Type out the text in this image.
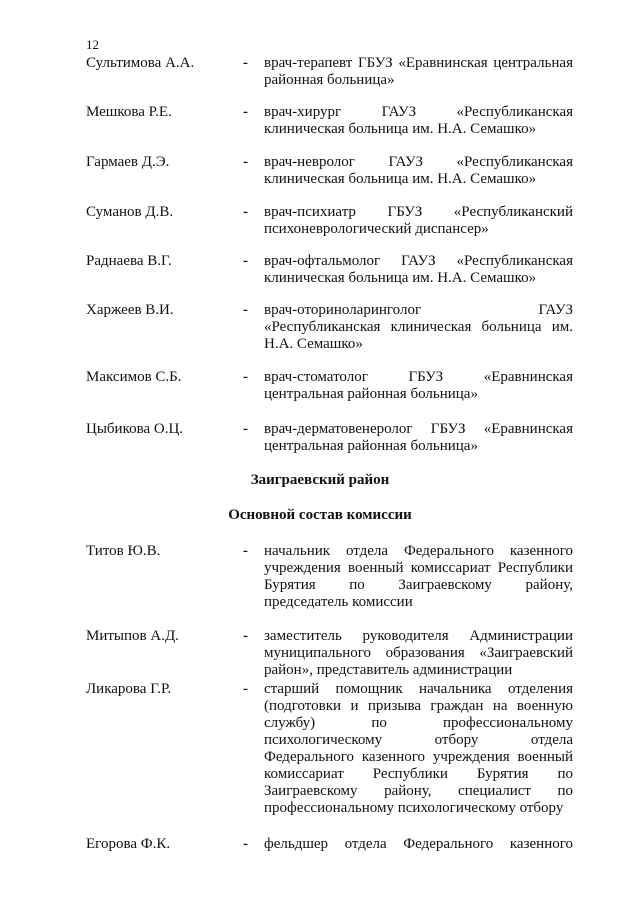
12
Сультимова А.А.	- врач-терапевт ГБУЗ «Еравнинская центральная
районная больница»
Мешкова Р.Е.	- врач-хирург ГАУЗ «Республиканская
клиническая больница им. Н.А. Семашко»
Гармаев Д.Э.	- врач-невролог ГАУЗ «Республиканская
клиническая больница им. Н.А. Семашко»
Суманов Д.В.	- врач-психиатр ГБУЗ «Республиканский
психоневрологический диспансер»
Раднаева В.Г.	- врач-офтальмолог ГАУЗ «Республиканская
клиническая больница им. Н.А. Семашко»
Харжеев В.И.	- врач-оториноларинголог ГАУЗ
«Республиканская клиническая больница им.
Н.А. Семашко»
Максимов С.Б.	- врач-стоматолог ГБУЗ «Еравнинская
центральная районная больница»
Цыбикова О.Ц.	- врач-дерматовенеролог ГБУЗ «Еравнинская
центральная районная больница»
Заиграевский район
Основной состав комиссии
Титов Ю.В.	- начальник отдела Федерального казенного
учреждения военный комиссариат Республики
Бурятия по Заиграевскому району,
председатель комиссии
Митыпов А.Д.	- заместитель руководителя Администрации
муниципального образования «Заиграевский
район», представитель администрации
Ликарова Г.Р.	- старший помощник начальника отделения
(подготовки и призыва граждан на военную
службу) по профессиональному
психологическому отбору отдела
Федерального казенного учреждения военный
комиссариат Республики Бурятия по
Заиграевскому району, специалист по
профессиональному психологическому отбору
Егорова Ф.К.	- фельдшер отдела Федерального казенного
